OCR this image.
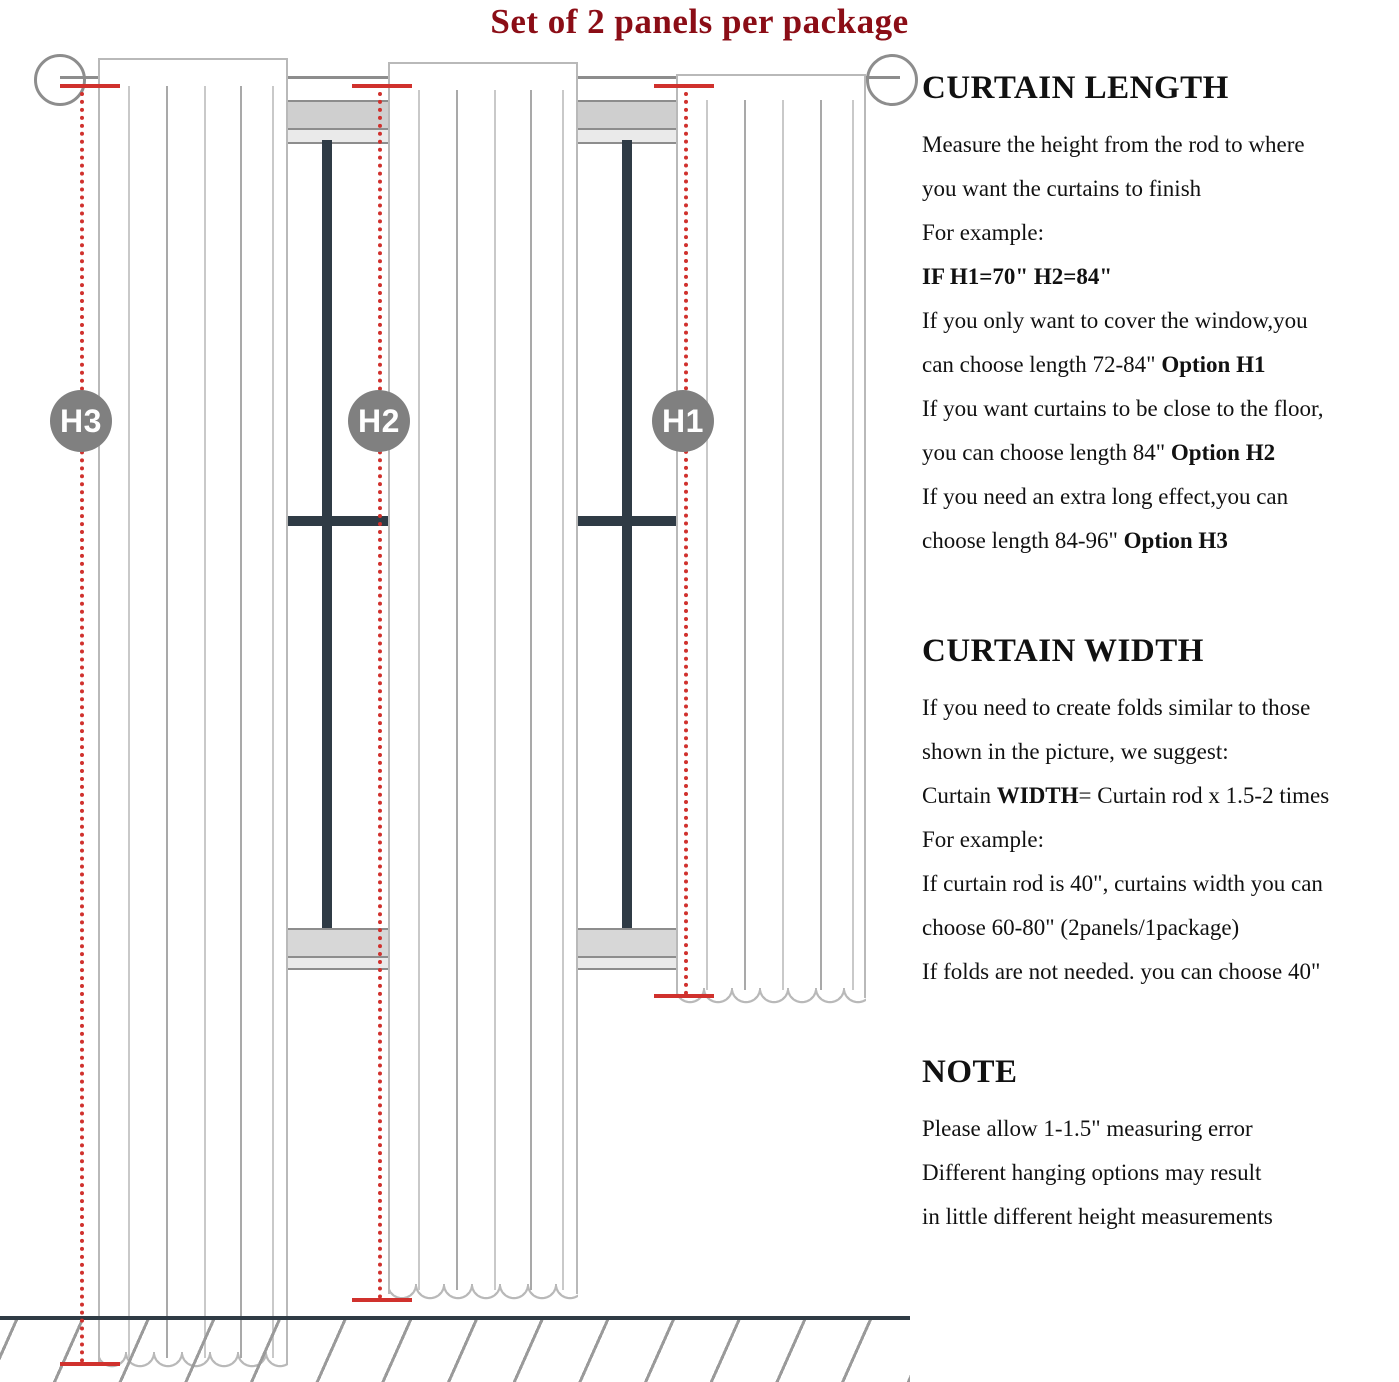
Set of 2 panels per package
H3	H2	H1
CURTAIN LENGTH
Measure the height from the rod to where
you want the curtains to finish
For example:
IF H1=70" H2=84"
If you only want to cover the window,you
can choose length 72-84" Option H1
If you want curtains to be close to the floor,
you can choose length 84" Option H2
If you need an extra long effect,you can
choose length 84-96" Option H3
CURTAIN WIDTH
If you need to create folds similar to those
shown in the picture, we suggest:
Curtain WIDTH= Curtain rod x 1.5-2 times
For example:
If curtain rod is 40", curtains width you can
choose 60-80" (2panels/1package)
If folds are not needed. you can choose 40"
NOTE
Please allow 1-1.5" measuring error
Different hanging options may result
in little different height measurements
